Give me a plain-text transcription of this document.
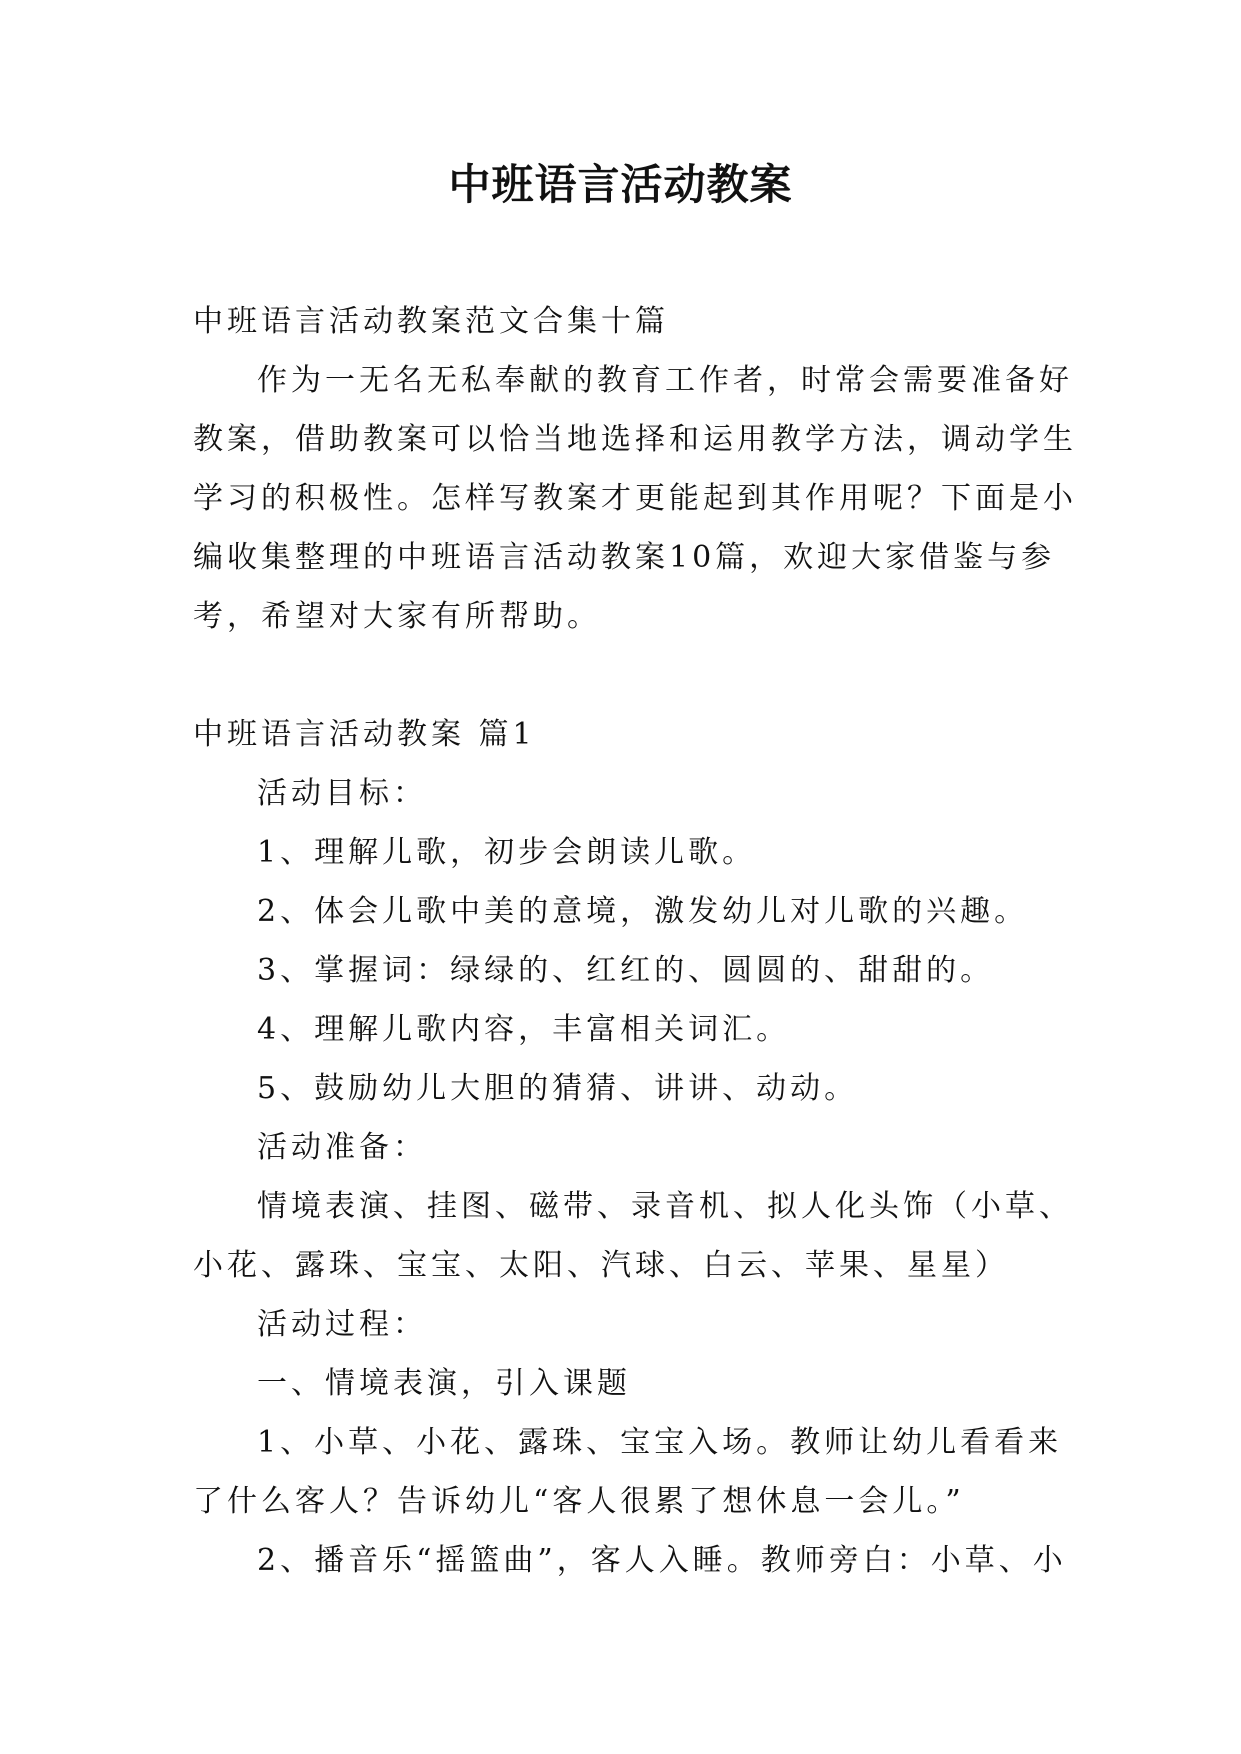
中班语言活动教案
中班语言活动教案范文合集十篇
作为一无名无私奉献的教育工作者，时常会需要准备好
教案，借助教案可以恰当地选择和运用教学方法，调动学生
学习的积极性。怎样写教案才更能起到其作用呢？下面是小
编收集整理的中班语言活动教案10篇，欢迎大家借鉴与参
考，希望对大家有所帮助。
中班语言活动教案 篇1
活动目标：
1、理解儿歌，初步会朗读儿歌。
2、体会儿歌中美的意境，激发幼儿对儿歌的兴趣。
3、掌握词：绿绿的、红红的、圆圆的、甜甜的。
4、理解儿歌内容，丰富相关词汇。
5、鼓励幼儿大胆的猜猜、讲讲、动动。
活动准备：
情境表演、挂图、磁带、录音机、拟人化头饰（小草、
小花、露珠、宝宝、太阳、汽球、白云、苹果、星星）
活动过程：
一、情境表演，引入课题
1、小草、小花、露珠、宝宝入场。教师让幼儿看看来
了什么客人？告诉幼儿“客人很累了想休息一会儿。”
2、播音乐“摇篮曲”，客人入睡。教师旁白：小草、小
